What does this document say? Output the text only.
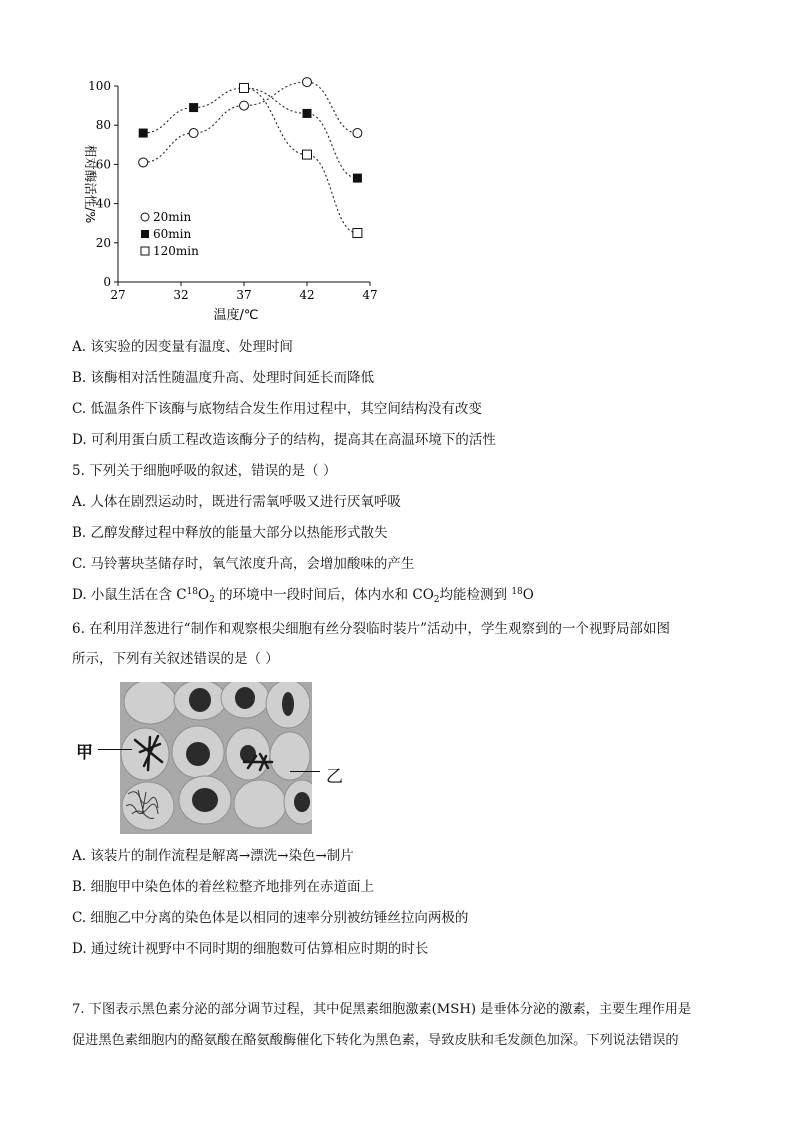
27	32	37	42	47
0
20
40
60
80
100
温度/℃
相对酶活性/%	20min
60min
120min
A. 该实验的因变量有温度、处理时间
B. 该酶相对活性随温度升高、处理时间延长而降低
C. 低温条件下该酶与底物结合发生作用过程中，其空间结构没有改变
D. 可利用蛋白质工程改造该酶分子的结构，提高其在高温环境下的活性
5. 下列关于细胞呼吸的叙述，错误的是（ ）
A. 人体在剧烈运动时，既进行需氧呼吸又进行厌氧呼吸
B. 乙醇发酵过程中释放的能量大部分以热能形式散失
C. 马铃薯块茎储存时，氧气浓度升高，会增加酸味的产生
D. 小鼠生活在含 $C^{18}O_2$ 的环境中一段时间后，体内水和 $CO_2$均能检测到 $^{18}$O
6. 在利用洋葱进行“制作和观察根尖细胞有丝分裂临时装片”活动中，学生观察到的一个视野局部如图
所示，下列有关叙述错误的是（ ）
甲
乙
A. 该装片的制作流程是解离→漂洗→染色→制片
B. 细胞甲中染色体的着丝粒整齐地排列在赤道面上
C. 细胞乙中分离的染色体是以相同的速率分别被纺锤丝拉向两极的
D. 通过统计视野中不同时期的细胞数可估算相应时期的时长
7. 下图表示黑色素分泌的部分调节过程，其中促黑素细胞激素(MSH) 是垂体分泌的激素，主要生理作用是
促进黑色素细胞内的酪氨酸在酪氨酸酶催化下转化为黑色素，导致皮肤和毛发颜色加深。下列说法错误的
